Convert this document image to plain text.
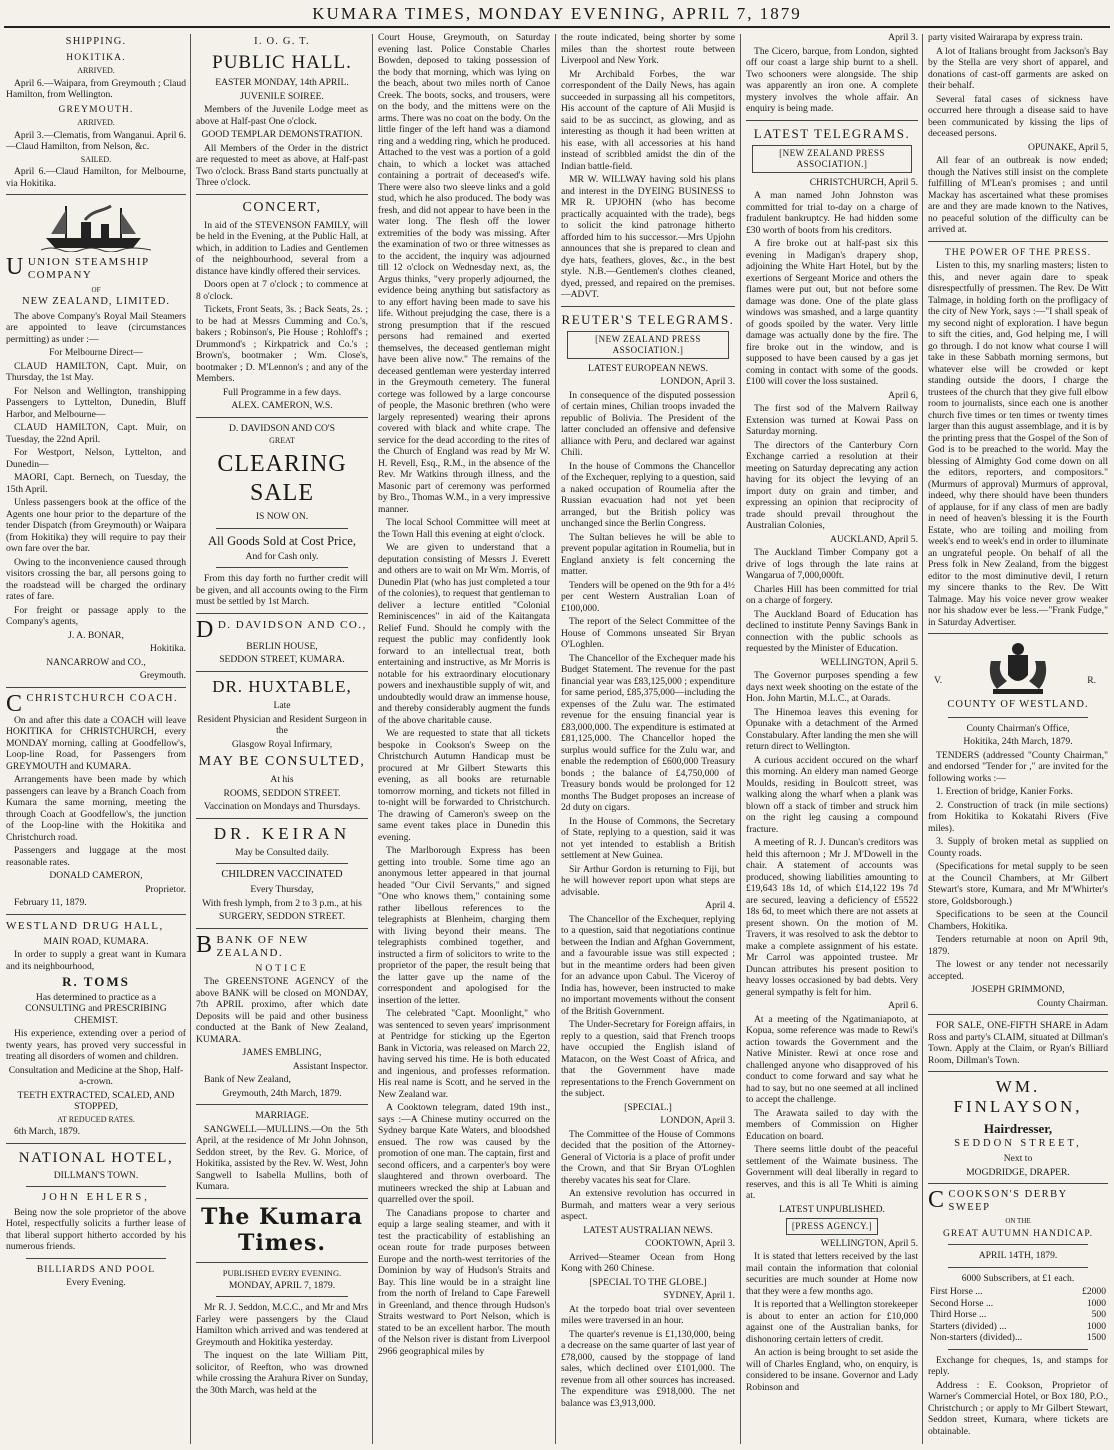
KUMARA TIMES, MONDAY EVENING, APRIL 7, 1879
SHIPPING.
HOKITIKA.

ARRIVED.

April 6.—Waipara, from Greymouth ; Claud Hamilton, from Wellington.

GREYMOUTH.

ARRIVED.

April 3.—Clematis, from Wanganui. April 6.—Claud Hamilton, from Nelson, &c.

SAILED.

April 6.—Claud Hamilton, for Melbourne, via Hokitika.

UUNION STEAMSHIP COMPANY

OF

NEW ZEALAND, LIMITED.

The above Company's Royal Mail Steamers are appointed to leave (circumstances permitting) as under :—

For Melbourne Direct—

CLAUD HAMILTON, Capt. Muir, on Thursday, the 1st May.

For Nelson and Wellington, transhipping Passengers to Lyttelton, Dunedin, Bluff Harbor, and Melbourne—

CLAUD HAMILTON, Capt. Muir, on Tuesday, the 22nd April.

For Westport, Nelson, Lyttelton, and Dunedin—

MAORI, Capt. Bernech, on Tuesday, the 15th April.

Unless passengers book at the office of the Agents one hour prior to the departure of the tender Dispatch (from Greymouth) or Waipara (from Hokitika) they will require to pay their own fare over the bar.

Owing to the inconvenience caused through visitors crossing the bar, all persons going to the roadstead will be charged the ordinary rates of fare.

For freight or passage apply to the Company's agents,

J. A. BONAR,

Hokitika.

NANCARROW and CO.,

Greymouth.

CCHRISTCHURCH COACH.

On and after this date a COACH will leave HOKITIKA for CHRISTCHURCH, every MONDAY morning, calling at Goodfellow's, Loop-line Road, for Passengers from GREYMOUTH and KUMARA.

Arrangements have been made by which passengers can leave by a Branch Coach from Kumara the same morning, meeting the through Coach at Goodfellow's, the junction of the Loop-line with the Hokitika and Christchurch road.

Passengers and luggage at the most reasonable rates.

DONALD CAMERON,

Proprietor.

February 11, 1879.

WESTLAND DRUG HALL,

MAIN ROAD, KUMARA.

In order to supply a great want in Kumara and its neighbourhood,

R. TOMS

Has determined to practice as a CONSULTING and PRESCRIBING CHEMIST.

His experience, extending over a period of twenty years, has proved very successful in treating all disorders of women and children.

Consultation and Medicine at the Shop, Half-a-crown.

TEETH EXTRACTED, SCALED, AND STOPPED,

AT REDUCED RATES.

6th March, 1879.

NATIONAL HOTEL,

DILLMAN'S TOWN.

JOHN EHLERS,

Being now the sole proprietor of the above Hotel, respectfully solicits a further lease of that liberal support hitherto accorded by his numerous friends.

BILLIARDS AND POOL

Every Evening.

I. O. G. T.
PUBLIC HALL.

EASTER MONDAY, 14th APRIL.

JUVENILE SOIREE.

Members of the Juvenile Lodge meet as above at Half-past One o'clock.

GOOD TEMPLAR DEMONSTRATION.

All Members of the Order in the district are requested to meet as above, at Half-past Two o'clock. Brass Band starts punctually at Three o'clock.

CONCERT,

In aid of the STEVENSON FAMILY, will be held in the Evening, at the Public Hall, at which, in addition to Ladies and Gentlemen of the neighbourhood, several from a distance have kindly offered their services.

Doors open at 7 o'clock ; to commence at 8 o'clock.

Tickets, Front Seats, 3s. ; Back Seats, 2s. ; to be had at Messrs Cumming and Co.'s, bakers ; Robinson's, Pie House ; Rohloff's ; Drummond's ; Kirkpatrick and Co.'s ; Brown's, bootmaker ; Wm. Close's, bootmaker ; D. M'Lennon's ; and any of the Members.

Full Programme in a few days.

ALEX. CAMERON, W.S.

D. DAVIDSON AND CO'S

GREAT

CLEARING SALE

IS NOW ON.

All Goods Sold at Cost Price,

And for Cash only.

From this day forth no further credit will be given, and all accounts owing to the Firm must be settled by 1st March.

D D. DAVIDSON AND CO.,

BERLIN HOUSE,

SEDDON STREET, KUMARA.

DR. HUXTABLE,

Late

Resident Physician and Resident Surgeon in the

Glasgow Royal Infirmary,

MAY BE CONSULTED,

At his

ROOMS, SEDDON STREET.

Vaccination on Mondays and Thursdays.

DR. KEIRAN

May be Consulted daily.

CHILDREN VACCINATED

Every Thursday,

With fresh lymph, from 2 to 3 p.m., at his

SURGERY, SEDDON STREET.

BBANK OF NEW ZEALAND.

NOTICE

The GREENSTONE AGENCY of the above BANK will be closed on MONDAY, 7th APRIL proximo, after which date Deposits will be paid and other business conducted at the Bank of New Zealand, KUMARA.

JAMES EMBLING,

Assistant Inspector.

Bank of New Zealand,

Greymouth, 24th March, 1879.

MARRIAGE.

SANGWELL—MULLINS.—On the 5th April, at the residence of Mr John Johnson, Seddon street, by the Rev. G. Morice, of Hokitika, assisted by the Rev. W. West, John Sangwell to Isabella Mullins, both of Kumara.

The Kumara Times.

PUBLISHED EVERY EVENING.

MONDAY, APRIL 7, 1879.

Mr R. J. Seddon, M.C.C., and Mr and Mrs Farley were passengers by the Claud Hamilton which arrived and was tendered at Greymouth and Hokitika yesterday.

The inquest on the late William Pitt, solicitor, of Reefton, who was drowned while crossing the Arahura River on Sunday, the 30th March, was held at the

Court House, Greymouth, on Saturday evening last. Police Constable Charles Bowden, deposed to taking possession of the body that morning, which was lying on the beach, about two miles north of Canoe Creek. The boots, socks, and trousers, were on the body, and the mittens were on the arms. There was no coat on the body. On the little finger of the left hand was a diamond ring and a wedding ring, which he produced. Attached to the vest was a portion of a gold chain, to which a locket was attached containing a portrait of deceased's wife. There were also two sleeve links and a gold stud, which he also produced. The body was fresh, and did not appear to have been in the water long. The flesh off the lower extremities of the body was missing. After the examination of two or three witnesses as to the accident, the inquiry was adjourned till 12 o'clock on Wednesday next, as, the Argus thinks, "very properly adjourned, the evidence being anything but satisfactory as to any effort having been made to save his life. Without prejudging the case, there is a strong presumption that if the rescued persons had remained and exerted themselves, the deceased gentleman might have been alive now." The remains of the deceased gentleman were yesterday interred in the Greymouth cemetery. The funeral cortege was followed by a large concourse of people, the Masonic brethren (who were largely represented) wearing their aprons covered with black and white crape. The service for the dead according to the rites of the Church of England was read by Mr W. H. Revell, Esq., R.M., in the absence of the Rev. Mr Watkins through illness, and the Masonic part of ceremony was performed by Bro., Thomas W.M., in a very impressive manner.

The local School Committee will meet at the Town Hall this evening at eight o'clock.

We are given to understand that a deputation consisting of Messrs J. Everett and others are to wait on Mr Wm. Morris, of Dunedin Plat (who has just completed a tour of the colonies), to request that gentleman to deliver a lecture entitled "Colonial Reminiscences" in aid of the Kaitangata Relief Fund. Should he comply with the request the public may confidently look forward to an intellectual treat, both entertaining and instructive, as Mr Morris is notable for his extraordinary elocutionary powers and inexhaustible supply of wit, and undoubtedly would draw an immense house, and thereby considerably augment the funds of the above charitable cause.

We are requested to state that all tickets bespoke in Cookson's Sweep on the Christchurch Autumn Handicap must be procured at Mr Gilbert Stewarts this evening, as all books are returnable tomorrow morning, and tickets not filled in to-night will be forwarded to Christchurch. The drawing of Cameron's sweep on the same event takes place in Dunedin this evening.

The Marlborough Express has been getting into trouble. Some time ago an anonymous letter appeared in that journal headed "Our Civil Servants," and signed "One who knows them," containing some rather libellous references to the telegraphists at Blenheim, charging them with living beyond their means. The telegraphists combined together, and instructed a firm of solicitors to write to the proprietor of the paper, the result being that the latter gave up the name of the correspondent and apologised for the insertion of the letter.

The celebrated "Capt. Moonlight," who was sentenced to seven years' imprisonment at Pentridge for sticking up the Egerton Bank in Victoria, was released on March 22, having served his time. He is both educated and ingenious, and professes reformation. His real name is Scott, and he served in the New Zealand war.

A Cooktown telegram, dated 19th inst., says :—A Chinese mutiny occurred on the Sydney barque Kate Waters, and bloodshed ensued. The row was caused by the promotion of one man. The captain, first and second officers, and a carpenter's boy were slaughtered and thrown overboard. The mutineers wrecked the ship at Labuan and quarrelled over the spoil.

The Canadians propose to charter and equip a large sealing steamer, and with it test the practicability of establishing an ocean route for trade purposes between Europe and the north-west territories of the Dominion by way of Hudson's Straits and Bay. This line would be in a straight line from the north of Ireland to Cape Farewell in Greenland, and thence through Hudson's Straits westward to Port Nelson, which is stated to be an excellent harbor. The mouth of the Nelson river is distant from Liverpool 2966 geographical miles by

the route indicated, being shorter by some miles than the shortest route between Liverpool and New York.

Mr Archibald Forbes, the war correspondent of the Daily News, has again succeeded in surpassing all his competitors, His account of the capture of Ali Musjid is said to be as succinct, as glowing, and as interesting as though it had been written at his ease, with all accessories at his hand instead of scribbled amidst the din of the Indian battle-field.

MR W. WILLWAY having sold his plans and interest in the DYEING BUSINESS to MR R. UPJOHN (who has become practically acquainted with the trade), begs to solicit the kind patronage hitherto afforded him to his successor.—Mrs Upjohn announces that she is prepared to clean and dye hats, feathers, gloves, &c., in the best style. N.B.—Gentlemen's clothes cleaned, dyed, pressed, and repaired on the premises.—ADVT.

REUTER'S TELEGRAMS.
[NEW ZEALAND PRESS ASSOCIATION.]

LATEST EUROPEAN NEWS.

LONDON, April 3.

In consequence of the disputed possession of certain mines, Chilian troops invaded the republic of Bolivia. The President of the latter concluded an offensive and defensive alliance with Peru, and declared war against Chili.

In the house of Commons the Chancellor of the Exchequer, replying to a question, said a naked occupation of Roumelia after the Russian evacuation had not yet been arranged, but the British policy was unchanged since the Berlin Congress.

The Sultan believes he will be able to prevent popular agitation in Roumelia, but in England anxiety is felt concerning the matter.

Tenders will be opened on the 9th for a 4½ per cent Western Australian Loan of £100,000.

The report of the Select Committee of the House of Commons unseated Sir Bryan O'Loghlen.

The Chancellor of the Exchequer made his Budget Statement. The revenue for the past financial year was £83,125,000 ; expenditure for same period, £85,375,000—including the expenses of the Zulu war. The estimated revenue for the ensuing financial year is £83,000,000. The expenditure is estimated at £81,125,000. The Chancellor hoped the surplus would suffice for the Zulu war, and enable the redemption of £600,000 Treasury bonds ; the balance of £4,750,000 of Treasury bonds would be prolonged for 12 months The Budget proposes an increase of 2d duty on cigars.

In the House of Commons, the Secretary of State, replying to a question, said it was not yet intended to establish a British settlement at New Guinea.

Sir Arthur Gordon is returning to Fiji, but he will however report upon what steps are advisable.

April 4.

The Chancellor of the Exchequer, replying to a question, said that negotiations continue between the Indian and Afghan Government, and a favourable issue was still expected ; but in the meantime orders had been given for an advance upon Cabul. The Viceroy of India has, however, been instructed to make no important movements without the consent of the British Government.

The Under-Secretary for Foreign affairs, in reply to a question, said that French troops have occupied the English island of Matacon, on the West Coast of Africa, and that the Government have made representations to the French Government on the subject.

[SPECIAL.]

LONDON, April 3.

The Committee of the House of Commons decided that the position of the Attorney-General of Victoria is a place of profit under the Crown, and that Sir Bryan O'Loghlen thereby vacates his seat for Clare.

An extensive revolution has occurred in Burmah, and matters wear a very serious aspect.

LATEST AUSTRALIAN NEWS.

COOKTOWN, April 3.

Arrived—Steamer Ocean from Hong Kong with 260 Chinese.

[SPECIAL TO THE GLOBE.]

SYDNEY, April 1.

At the torpedo boat trial over seventeen miles were traversed in an hour.

The quarter's revenue is £1,130,000, being a decrease on the same quarter of last year of £78,000, caused by the stoppage of land sales, which declined over £101,000. The revenue from all other sources has increased. The expenditure was £918,000. The net balance was £3,913,000.

April 3.

The Cicero, barque, from London, sighted off our coast a large ship burnt to a shell. Two schooners were alongside. The ship was apparently an iron one. A complete mystery involves the whole affair. An enquiry is being made.

LATEST TELEGRAMS.
[NEW ZEALAND PRESS ASSOCIATION.]

CHRISTCHURCH, April 5.

A man named John Johnston was committed for trial to-day on a charge of fradulent bankruptcy. He had hidden some £30 worth of boots from his creditors.

A fire broke out at half-past six this evening in Madigan's drapery shop, adjoining the White Hart Hotel, but by the exertions of Sergeant Morice and others the flames were put out, but not before some damage was done. One of the plate glass windows was smashed, and a large quantity of goods spoiled by the water. Very little damage was actually done by the fire. The fire broke out in the window, and is supposed to have been caused by a gas jet coming in contact with some of the goods. £100 will cover the loss sustained.

April 6,

The first sod of the Malvern Railway Extension was turned at Kowai Pass on Saturday morning.

The directors of the Canterbury Corn Exchange carried a resolution at their meeting on Saturday deprecating any action having for its object the levying of an import duty on grain and timber, and expressing an opinion that reciprocity of trade should prevail throughout the Australian Colonies,

AUCKLAND, April 5.

The Auckland Timber Company got a drive of logs through the late rains at Wangarua of 7,000,000ft.

Charles Hill has been committed for trial on a charge of forgery.

The Auckland Board of Education has declined to institute Penny Savings Bank in connection with the public schools as requested by the Minister of Education.

WELLINGTON, April 5.

The Governor purposes spending a few days next week shooting on the estate of the Hon. John Martin, M.L.C., at Oarads.

The Hinemoa leaves this evening for Opunake with a detachment of the Armed Constabulary. After landing the men she will return direct to Wellington.

A curious accident occured on the wharf this morning. An eldery man named George Moulds, residing in Boulcott street, was walking along the wharf when a plank was blown off a stack of timber and struck him on the right leg causing a compound fracture.

A meeting of R. J. Duncan's creditors was held this afternoon ; Mr J. M'Dowell in the chair. A statement of accounts was produced, showing liabilities amounting to £19,643 18s 1d, of which £14,122 19s 7d are secured, leaving a deficiency of £5522 18s 6d, to meet which there are not assets at present shown. On the motion of M. Travers, it was resolved to ask the debtor to make a complete assignment of his estate. Mr Carrol was appointed trustee. Mr Duncan attributes his present position to heavy losses occasioned by bad debts. Very general sympathy is felt for him.

April 6.

At a meeting of the Ngatimaniapoto, at Kopua, some reference was made to Rewi's action towards the Government and the Native Minister. Rewi at once rose and challenged anyone who disapproved of his conduct to come forward and say what he had to say, but no one seemed at all inclined to accept the challenge.

The Arawata sailed to day with the members of Commission on Higher Education on board.

There seems little doubt of the peaceful settlement of the Waimate business. The Government will deal liberally in regard to reserves, and this is all Te Whiti is aiming at.

LATEST UNPUBLISHED.

[PRESS AGENCY.]

WELLINGTON, April 5.

It is stated that letters received by the last mail contain the information that colonial securities are much sounder at Home now that they were a few months ago.

It is reported that a Wellington storekeeper is about to enter an action for £10,000 against one of the Australian banks, for dishonoring certain letters of credit.

An action is being brought to set aside the will of Charles England, who, on enquiry, is considered to be insane. Governor and Lady Robinson and

party visited Wairarapa by express train.

A lot of Italians brought from Jackson's Bay by the Stella are very short of apparel, and donations of cast-off garments are asked on their behalf.

Several fatal cases of sickness have occurred here through a disease said to have been communicated by kissing the lips of deceased persons.

OPUNAKE, April 5,

All fear of an outbreak is now ended; though the Natives still insist on the complete fulfilling of M'Lean's promises ; and until Mackay has ascertained what these promises are and they are made known to the Natives, no peaceful solution of the difficulty can be arrived at.

THE POWER OF THE PRESS.

Listen to this, my snarling masters; listen to this, and never again dare to speak disrespectfully of pressmen. The Rev. De Witt Talmage, in holding forth on the profligacy of the city of New York, says :—"I shall speak of my second night of exploration. I have begun to sift the cities, and, God helping me, I will go through. I do not know what course I will take in these Sabbath morning sermons, but whatever else will be crowded or kept standing outside the doors, I charge the trustees of the church that they give full elbow room to journalists, since each one is another church five times or ten times or twenty times larger than this august assemblage, and it is by the printing press that the Gospel of the Son of God is to be preached to the world. May the blessing of Almighty God come down on all the editors, reporters, and compositors." (Murmurs of approval) Murmurs of approval, indeed, why there should have been thunders of applause, for if any class of men are badly in need of heaven's blessing it is the Fourth Estate, who are toiling and moiling from week's end to week's end in order to illuminate an ungrateful people. On behalf of all the Press folk in New Zealand, from the biggest editor to the most diminutive devil, I return my sincere thanks to the Rev. De Witt Talmage. May his voice never grow weaker nor his shadow ever be less.—"Frank Fudge," in Saturday Advertiser.

V.	R.

COUNTY OF WESTLAND.

County Chairman's Office,

Hokitika, 24th March, 1879.

TENDERS (addressed "County Chairman," and endorsed "Tender for ," are invited for the following works :—

1. Erection of bridge, Kanier Forks.

2. Construction of track (in mile sections) from Hokitika to Kokatahi Rivers (Five miles).

3. Supply of broken metal as supplied on County roads.

(Specifications for metal supply to be seen at the Council Chambers, at Mr Gilbert Stewart's store, Kumara, and Mr M'Whirter's store, Goldsborough.)

Specifications to be seen at the Council Chambers, Hokitika.

Tenders returnable at noon on April 9th, 1879.

The lowest or any tender not necessarily accepted.

JOSEPH GRIMMOND,

County Chairman.

FOR SALE, ONE-FIFTH SHARE in Adam Ross and party's CLAIM, situated at Dillman's Town. Apply at the Claim, or Ryan's Billiard Room, Dillman's Town.

WM. FINLAYSON,

Hairdresser,

SEDDON STREET,

Next to

MOGDRIDGE, DRAPER.

CCOOKSON'S DERBY SWEEP

ON THE

GREAT AUTUMN HANDICAP.

APRIL 14TH, 1879.

6000 Subscribers, at £1 each.

First Horse ...	£2000
Second Horse ...	1000
Third Horse ...	500
Starters (divided) ...	1000
Non-starters (divided)...	1500

Exchange for cheques, 1s, and stamps for reply.

Address : E. Cookson, Proprietor of Warner's Commercial Hotel, or Box 180, P.O., Christchurch ; or apply to Mr Gilbert Stewart, Seddon street, Kumara, where tickets are obtainable.
